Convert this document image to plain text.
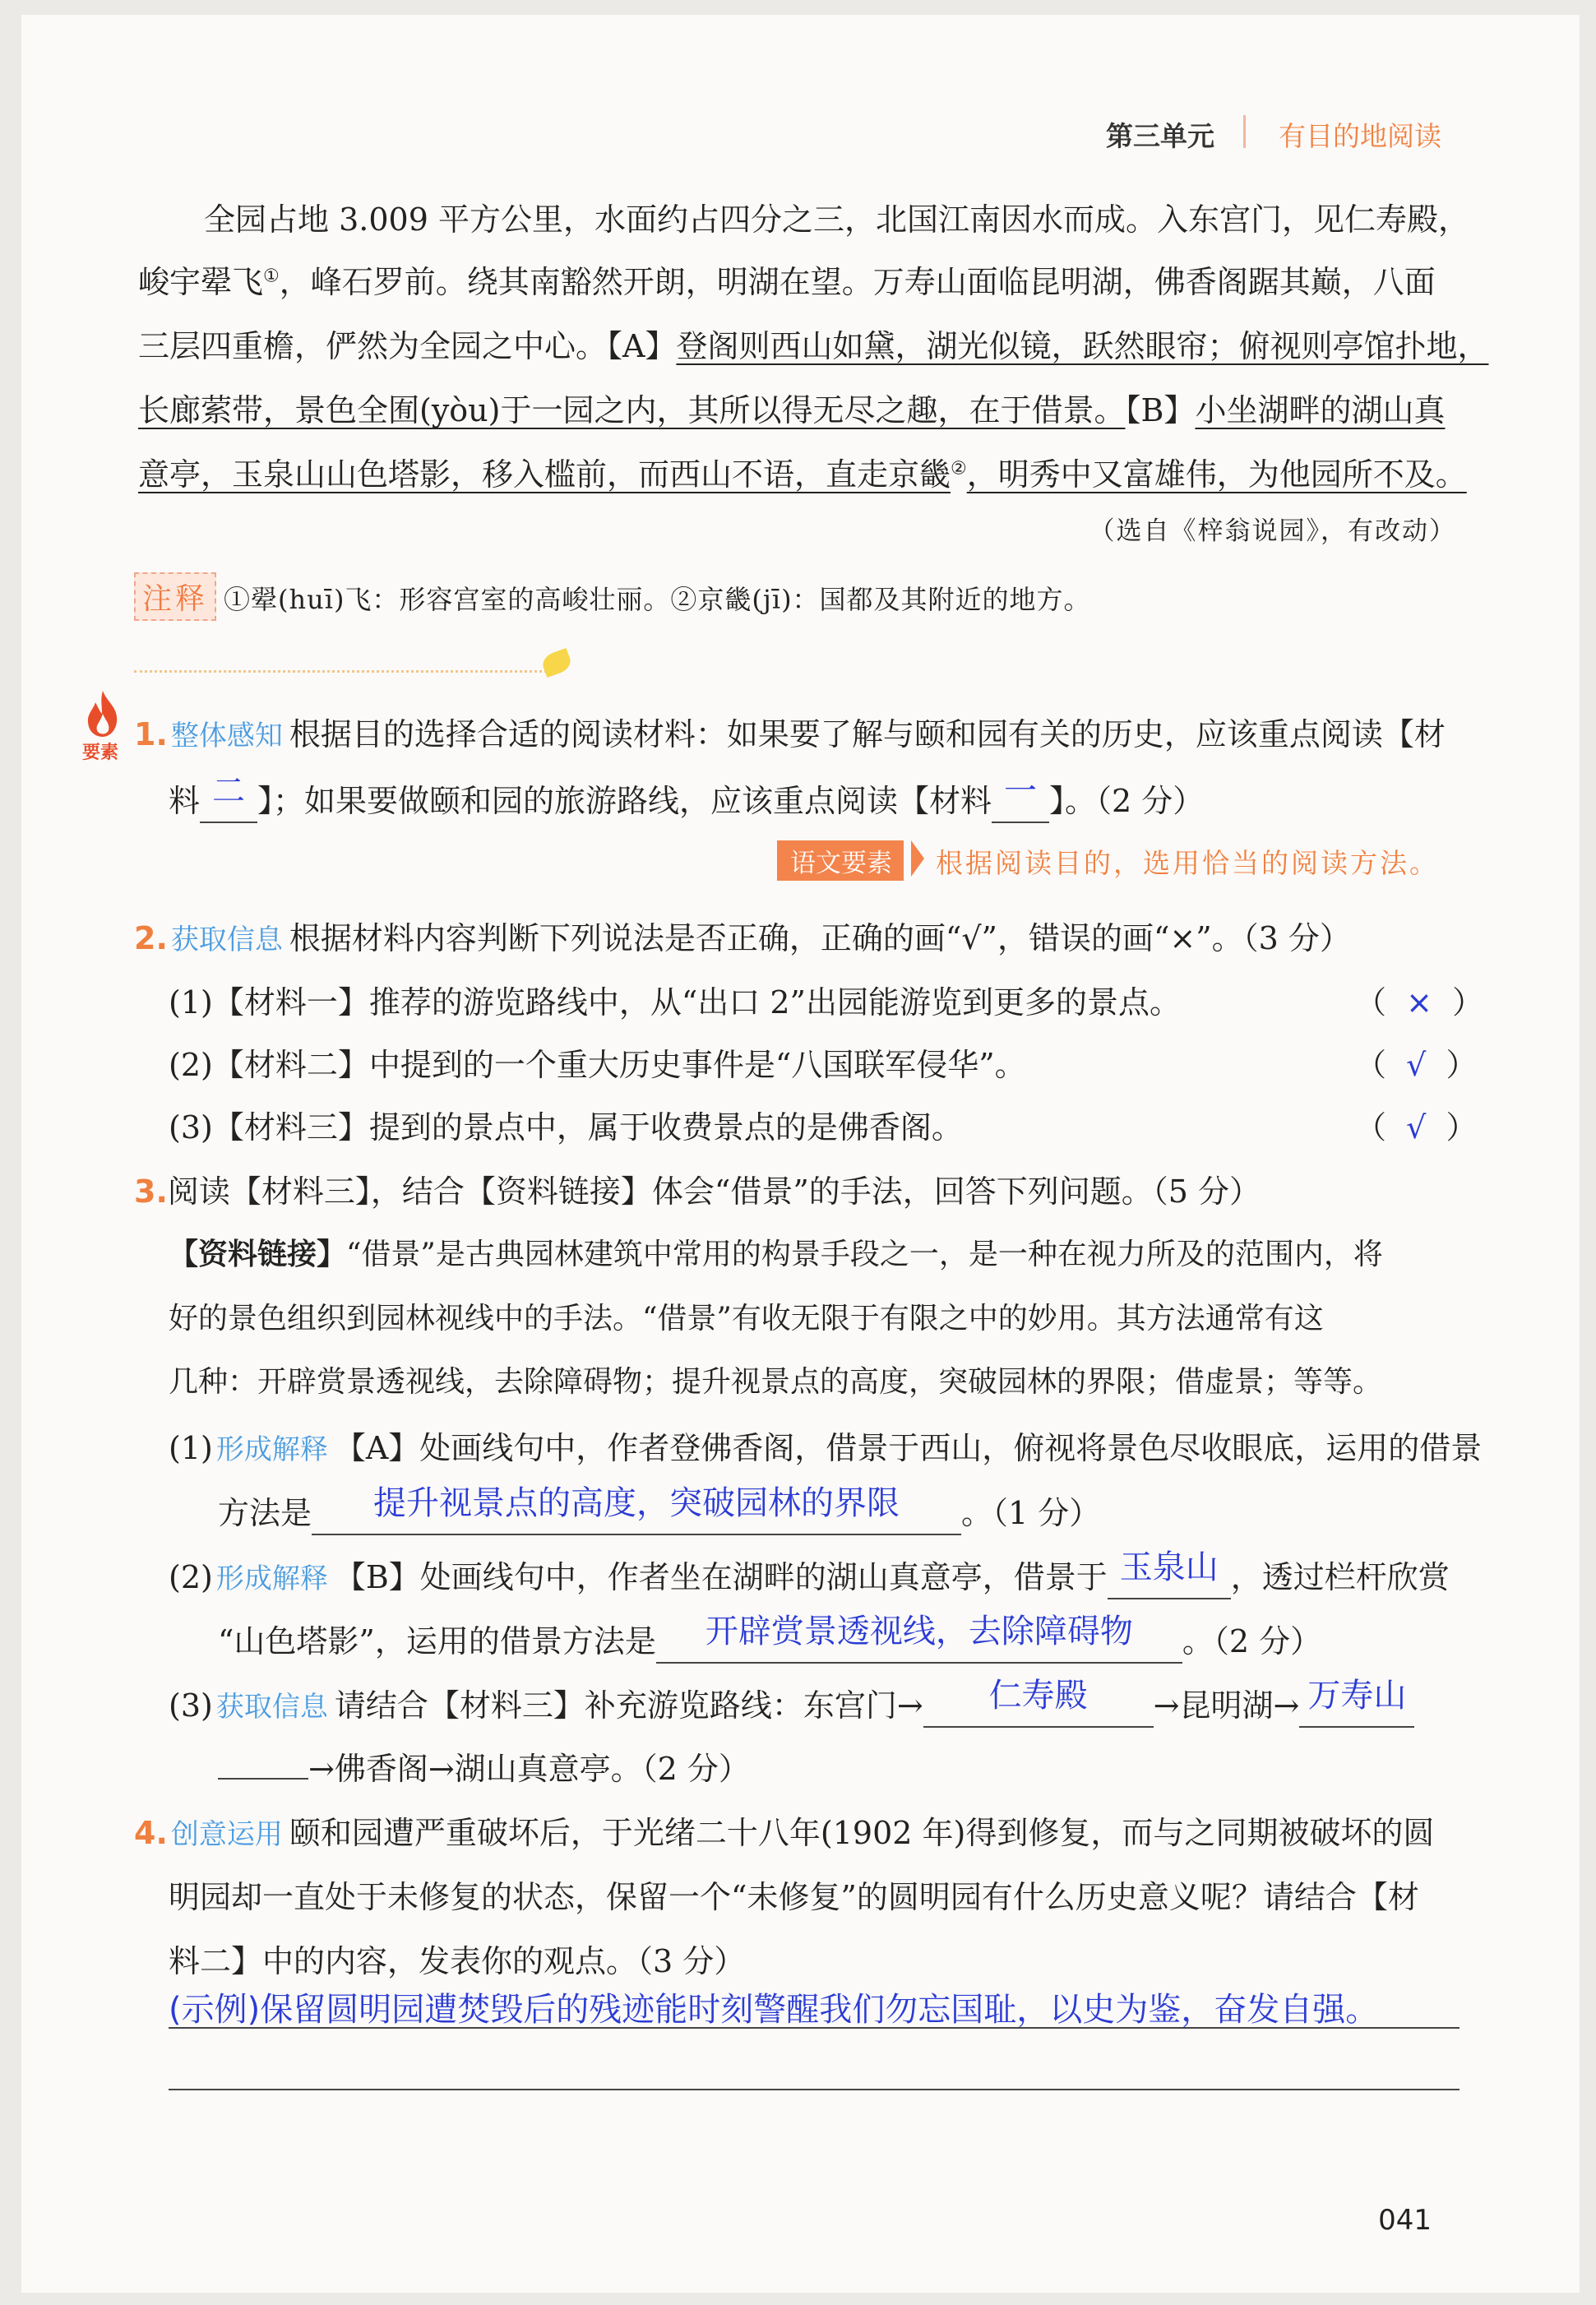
第三单元 有目的地阅读
全园占地 3.009 平方公里，水面约占四分之三，北国江南因水而成。入东宫门，见仁寿殿，
峻宇翚飞①，峰石罗前。绕其南豁然开朗，明湖在望。万寿山面临昆明湖，佛香阁踞其巅，八面
三层四重檐，俨然为全园之中心。【A】登阁则西山如黛，湖光似镜，跃然眼帘；俯视则亭馆扑地，
长廊萦带，景色全囿(yòu)于一园之内，其所以得无尽之趣，在于借景。【B】小坐湖畔的湖山真
意亭，玉泉山山色塔影，移入槛前，而西山不语，直走京畿②，明秀中又富雄伟，为他园所不及。
（选自《梓翁说园》，有改动）
注释 ①翚(huī)飞：形容宫室的高峻壮丽。②京畿(jī)：国都及其附近的地方。
要素
1. 整体感知 根据目的选择合适的阅读材料：如果要了解与颐和园有关的历史，应该重点阅读【材
料 二 】；如果要做颐和园的旅游路线，应该重点阅读【材料 一 】。（2 分）
语文要素	根据阅读目的，选用恰当的阅读方法。
2. 获取信息 根据材料内容判断下列说法是否正确，正确的画“√”，错误的画“×”。（3 分）
(1)【材料一】推荐的游览路线中，从“出口 2”出园能游览到更多的景点。	（  ×  ）
(2)【材料二】中提到的一个重大历史事件是“八国联军侵华”。	（  √  ）
(3)【材料三】提到的景点中，属于收费景点的是佛香阁。	（  √  ）
3.阅读【材料三】，结合【资料链接】体会“借景”的手法，回答下列问题。（5 分）
【资料链接】“借景”是古典园林建筑中常用的构景手段之一，是一种在视力所及的范围内，将
好的景色组织到园林视线中的手法。“借景”有收无限于有限之中的妙用。其方法通常有这
几种：开辟赏景透视线，去除障碍物；提升视景点的高度，突破园林的界限；借虚景；等等。
(1) 形成解释 【A】处画线句中，作者登佛香阁，借景于西山，俯视将景色尽收眼底，运用的借景
方法是 提升视景点的高度，突破园林的界限 。（1 分）
(2) 形成解释 【B】处画线句中，作者坐在湖畔的湖山真意亭，借景于 玉泉山 ，透过栏杆欣赏
“山色塔影”，运用的借景方法是 开辟赏景透视线，去除障碍物 。（2 分）
(3) 获取信息 请结合【材料三】补充游览路线：东宫门→ 仁寿殿 →昆明湖→ 万寿山
→佛香阁→湖山真意亭。（2 分）
4. 创意运用 颐和园遭严重破坏后，于光绪二十八年(1902 年)得到修复，而与之同期被破坏的圆
明园却一直处于未修复的状态，保留一个“未修复”的圆明园有什么历史意义呢？请结合【材
料二】中的内容，发表你的观点。（3 分）
(示例)保留圆明园遭焚毁后的残迹能时刻警醒我们勿忘国耻，以史为鉴，奋发自强。
041
